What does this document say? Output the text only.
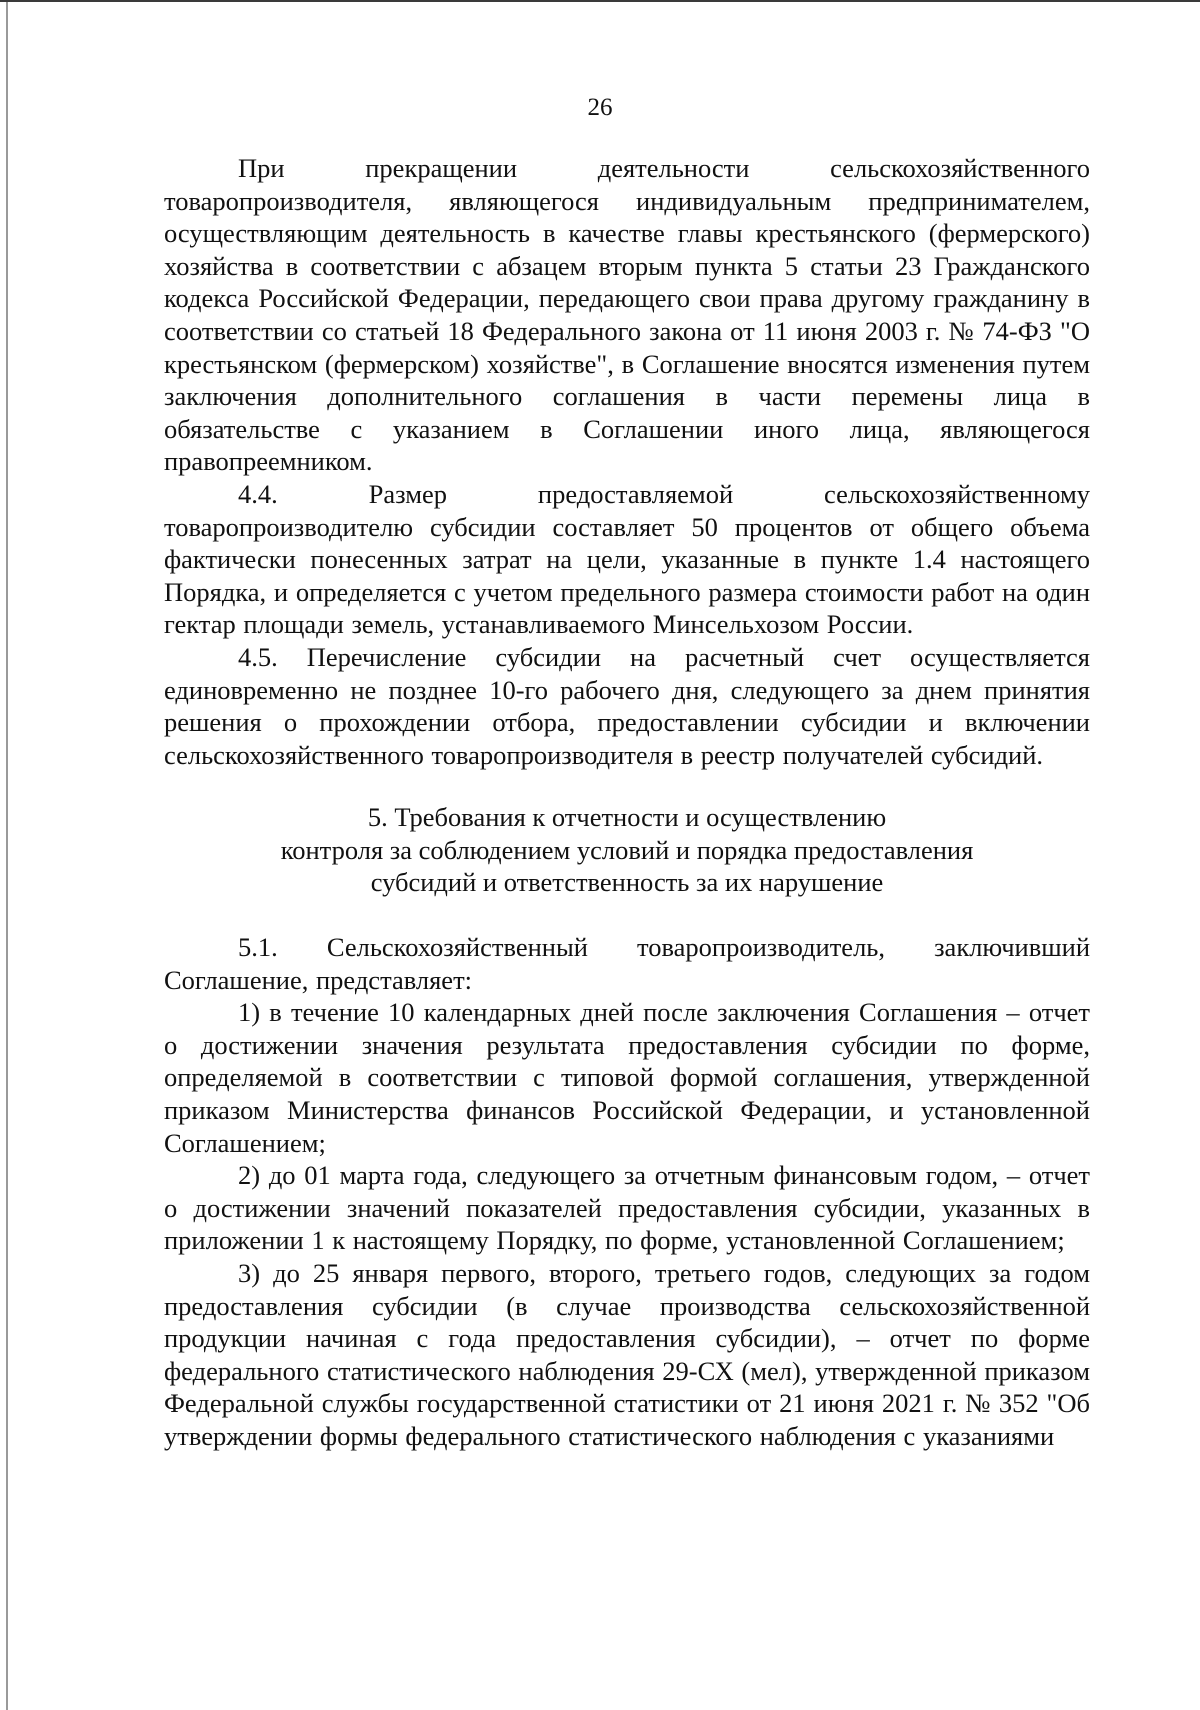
26

При прекращении деятельности сельскохозяйственного товаропроизводителя, являющегося индивидуальным предпринимателем, осуществляющим деятельность в качестве главы крестьянского (фермерского) хозяйства в соответствии с абзацем вторым пункта 5 статьи 23 Гражданского кодекса Российской Федерации, передающего свои права другому гражданину в соответствии со статьей 18 Федерального закона от 11 июня 2003 г. № 74-ФЗ "О крестьянском (фермерском) хозяйстве", в Соглашение вносятся изменения путем заключения дополнительного соглашения в части перемены лица в обязательстве с указанием в Соглашении иного лица, являющегося правопреемником.

4.4. Размер предоставляемой сельскохозяйственному товаропроизводителю субсидии составляет 50 процентов от общего объема фактически понесенных затрат на цели, указанные в пункте 1.4 настоящего Порядка, и определяется с учетом предельного размера стоимости работ на один гектар площади земель, устанавливаемого Минсельхозом России.

4.5. Перечисление субсидии на расчетный счет осуществляется единовременно не позднее 10-го рабочего дня, следующего за днем принятия решения о прохождении отбора, предоставлении субсидии и включении сельскохозяйственного товаропроизводителя в реестр получателей субсидий.

5. Требования к отчетности и осуществлению
контроля за соблюдением условий и порядка предоставления
субсидий и ответственность за их нарушение

5.1. Сельскохозяйственный товаропроизводитель, заключивший Соглашение, представляет:

1) в течение 10 календарных дней после заключения Соглашения – отчет о достижении значения результата предоставления субсидии по форме, определяемой в соответствии с типовой формой соглашения, утвержденной приказом Министерства финансов Российской Федерации, и установленной Соглашением;

2) до 01 марта года, следующего за отчетным финансовым годом, – отчет о достижении значений показателей предоставления субсидии, указанных в приложении 1 к настоящему Порядку, по форме, установленной Соглашением;

3) до 25 января первого, второго, третьего годов, следующих за годом предоставления субсидии (в случае производства сельскохозяйственной продукции начиная с года предоставления субсидии), – отчет по форме федерального статистического наблюдения 29-СХ (мел), утвержденной приказом Федеральной службы государственной статистики от 21 июня 2021 г. № 352 "Об утверждении формы федерального статистического наблюдения с указаниями
